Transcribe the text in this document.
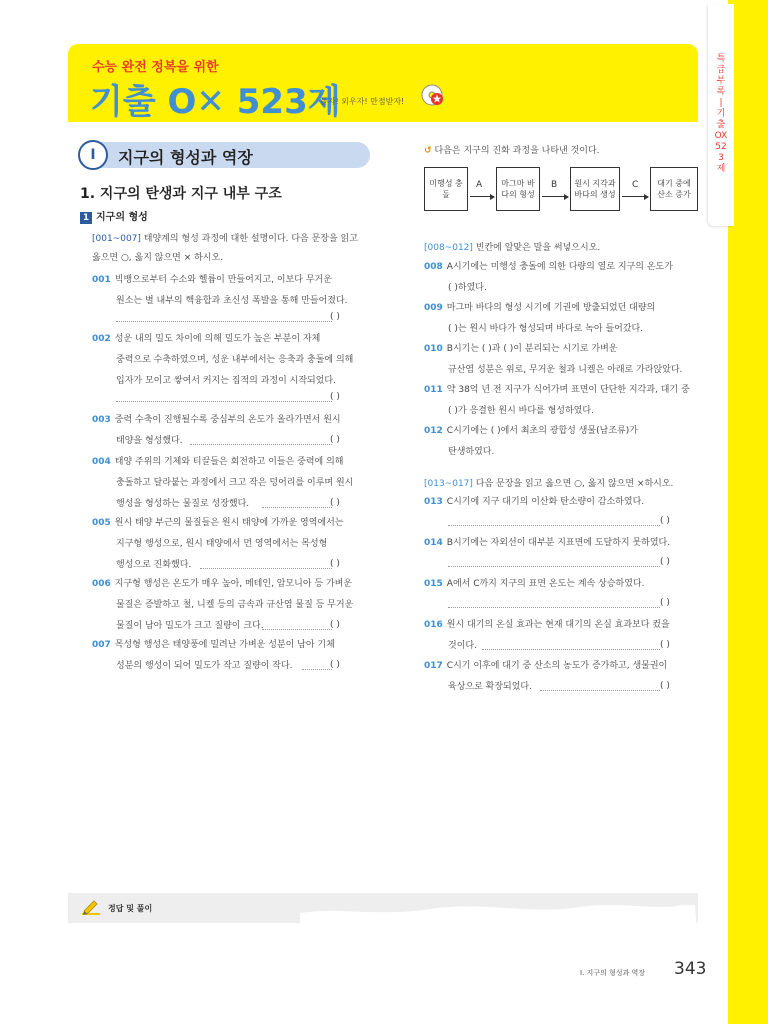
특급부록 | 기출OX523제
수능 완전 정복을 위한
기출 O✕ 523제
풀자! 외우자! 만점받자!
Ⅰ	지구의 형성과 역장
1. 지구의 탄생과 지구 내부 구조
1 지구의 형성
[001~007] 태양계의 형성 과정에 대한 설명이다. 다음 문장을 읽고
옳으면 ○, 옳지 않으면 × 하시오.
001 빅뱅으로부터 수소와 헬륨이 만들어지고, 이보다 무거운

원소는 별 내부의 핵융합과 초신성 폭발을 통해 만들어졌다.
( )
002 성운 내의 밀도 차이에 의해 밀도가 높은 부분이 자체

중력으로 수축하였으며, 성운 내부에서는 응축과 충돌에 의해
입자가 모이고 쌓여서 커지는 집적의 과정이 시작되었다.
( )
003 중력 수축이 진행될수록 중심부의 온도가 올라가면서 원시

태양을 형성했다.	( )
004 태양 주위의 기체와 티끌들은 회전하고 이들은 중력에 의해

충돌하고 달라붙는 과정에서 크고 작은 덩어리를 이루며 원시
행성을 형성하는 물질로 성장했다.	( )
005 원시 태양 부근의 물질들은 원시 태양에 가까운 영역에서는

지구형 행성으로, 원시 태양에서 먼 영역에서는 목성형
행성으로 진화했다.	( )
006 지구형 행성은 온도가 매우 높아, 메테인, 암모니아 등 가벼운

물질은 증발하고 철, 니켈 등의 금속과 규산염 물질 등 무거운
물질이 남아 밀도가 크고 질량이 크다.	( )
007 목성형 행성은 태양풍에 밀려난 가벼운 성분이 남아 기체

성분의 행성이 되어 밀도가 작고 질량이 작다.	( )
↺ 다음은 지구의 진화 과정을 나타낸 것이다.
미행성 충돌
A	마그마 바다의 형성
B	원시 지각과 바다의 생성
C	대기 중에 산소 증가
[008~012] 빈칸에 알맞은 말을 써넣으시오.
008 A시기에는 미행성 충돌에 의한 다량의 열로 지구의 온도가

( )하였다.
009 마그마 바다의 형성 시기에 기권에 방출되었던 대량의

( )는 원시 바다가 형성되며 바다로 녹아 들어갔다.
010 B시기는 ( )과 ( )이 분리되는 시기로 가벼운

규산염 성분은 위로, 무거운 철과 니켈은 아래로 가라앉았다.
011 약 38억 년 전 지구가 식어가며 표면이 단단한 지각과, 대기 중

( )가 응결한 원시 바다를 형성하였다.
012 C시기에는 ( )에서 최초의 광합성 생물(남조류)가

탄생하였다.
[013~017] 다음 문장을 읽고 옳으면 ○, 옳지 않으면 ×하시오.
013 C시기에 지구 대기의 이산화 탄소량이 감소하였다.
( )
014 B시기에는 자외선이 대부분 지표면에 도달하지 못하였다.
( )
015 A에서 C까지 지구의 표면 온도는 계속 상승하였다.
( )
016 원시 대기의 온실 효과는 현재 대기의 온실 효과보다 컸을

것이다.	( )
017 C시기 이후에 대기 중 산소의 농도가 증가하고, 생물권이

육상으로 확장되었다.	( )
정답 및 풀이
Ⅰ. 지구의 형성과 역장 343
